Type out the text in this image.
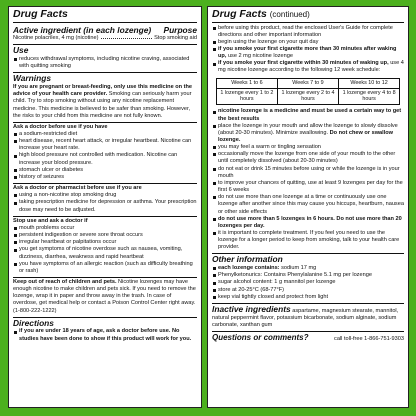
Drug Facts
Active ingredient (in each lozenge) Purpose
Nicotine polacrilex, 4 mg (nicotine)	Stop smoking aid
Use
reduces withdrawal symptoms, including nicotine craving, associated with quitting smoking
Warnings

If you are pregnant or breast-feeding, only use this medicine on the advice of your health care provider. Smoking can seriously harm your child. Try to stop smoking without using any nicotine replacement medicine. This medicine is believed to be safer than smoking. However, the risks to your child from this medicine are not fully known.

Ask a doctor before use if you have

a sodium-restricted diet
heart disease, recent heart attack, or irregular heartbeat. Nicotine can increase your heart rate.
high blood pressure not controlled with medication. Nicotine can increase your blood pressure.
stomach ulcer or diabetes
history of seizures

Ask a doctor or pharmacist before use if you are

using a non-nicotine stop smoking drug
taking prescription medicine for depression or asthma. Your prescription dose may need to be adjusted.

Stop use and ask a doctor if

mouth problems occur
persistent indigestion or severe sore throat occurs
irregular heartbeat or palpitations occur
you get symptoms of nicotine overdose such as nausea, vomiting, dizziness, diarrhea, weakness and rapid heartbeat
you have symptoms of an allergic reaction (such as difficulty breathing or rash)

Keep out of reach of children and pets. Nicotine lozenges may have enough nicotine to make children and pets sick. If you need to remove the lozenge, wrap it in paper and throw away in the trash. In case of overdose, get medical help or contact a Poison Control Center right away. (1-800-222-1222)

Directions
if you are under 18 years of age, ask a doctor before use. No studies have been done to show if this product will work for you.
Drug Facts (continued)
before using this product, read the enclosed User's Guide for complete directions and other important information
begin using the lozenge on your quit day
if you smoke your first cigarette more than 30 minutes after waking up, use 2 mg nicotine lozenge
if you smoke your first cigarette within 30 minutes of waking up, use 4 mg nicotine lozenge according to the following 12 week schedule:
Weeks 1 to 6	Weeks 7 to 9	Weeks 10 to 12
1 lozenge every 1 to 2 hours	1 lozenge every 2 to 4 hours	1 lozenge every 4 to 8 hours
nicotine lozenge is a medicine and must be used a certain way to get the best results
place the lozenge in your mouth and allow the lozenge to slowly dissolve (about 20-30 minutes). Minimize swallowing. Do not chew or swallow lozenge.
you may feel a warm or tingling sensation
occasionally move the lozenge from one side of your mouth to the other until completely dissolved (about 20-30 minutes)
do not eat or drink 15 minutes before using or while the lozenge is in your mouth
to improve your chances of quitting, use at least 9 lozenges per day for the first 6 weeks
do not use more than one lozenge at a time or continuously use one lozenge after another since this may cause you hiccups, heartburn, nausea or other side effects
do not use more than 5 lozenges in 6 hours. Do not use more than 20 lozenges per day.
it is important to complete treatment. If you feel you need to use the lozenge for a longer period to keep from smoking, talk to your health care provider.
Other information
each lozenge contains: sodium 17 mg
Phenylketonurics: Contains Phenylalanine 5.1 mg per lozenge
sugar alcohol content: 1 g mannitol per lozenge
store at 20-25°C (68-77°F)
keep vial tightly closed and protect from light

Inactive ingredients aspartame, magnesium stearate, mannitol, natural peppermint flavor, potassium bicarbonate, sodium alginate, sodium carbonate, xanthan gum

Questions or comments?	call toll-free 1-866-751-9303
